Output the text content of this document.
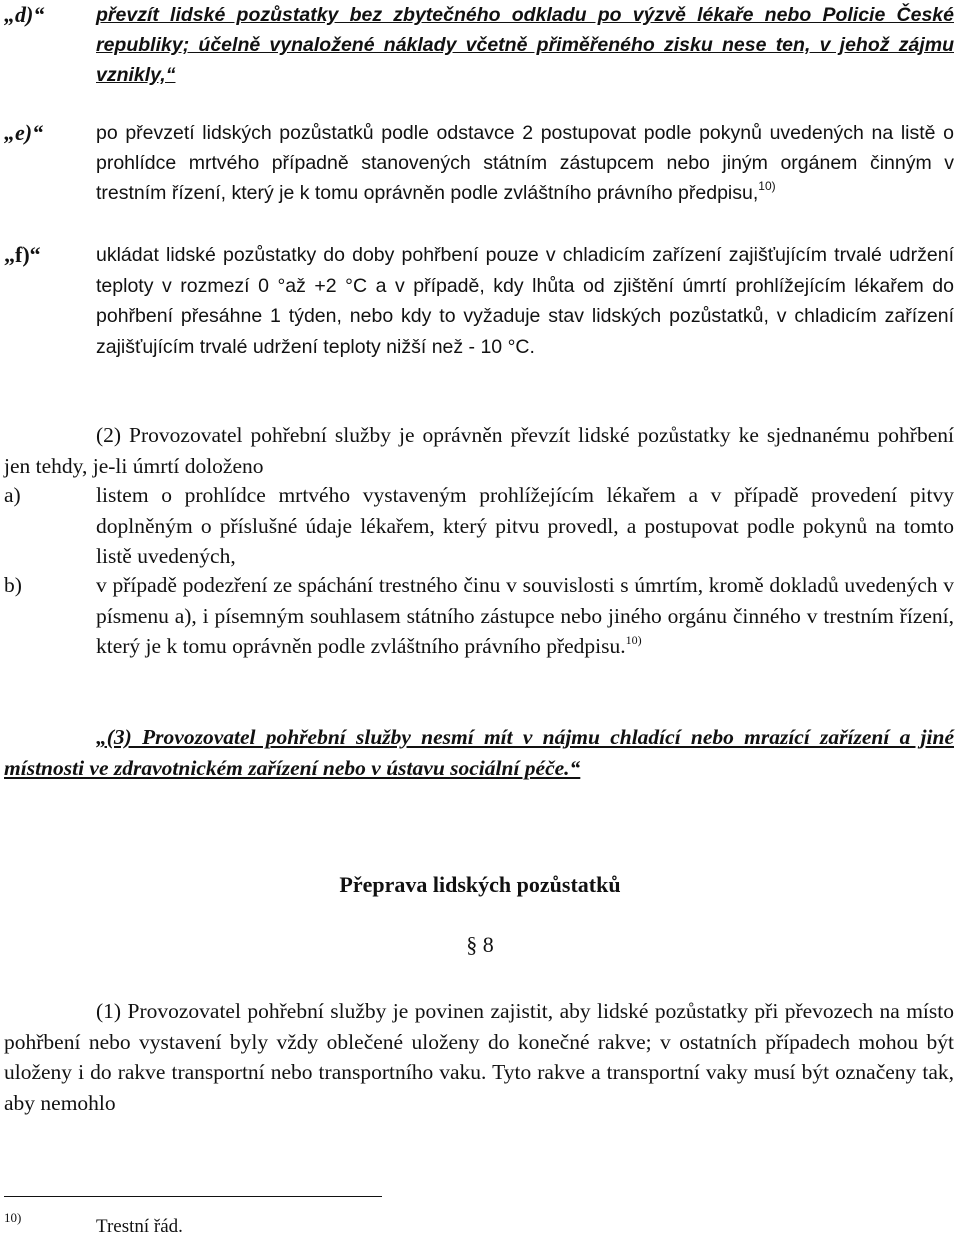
„d)“	převzít lidské pozůstatky bez zbytečného odkladu po výzvě lékaře nebo Policie České republiky; účelně vynaložené náklady včetně přiměřeného zisku nese ten, v jehož zájmu vznikly,“
„e)“	po převzetí lidských pozůstatků podle odstavce 2 postupovat podle pokynů uvedených na listě o prohlídce mrtvého případně stanovených státním zástupcem nebo jiným orgánem činným v trestním řízení, který je k tomu oprávněn podle zvláštního právního předpisu,$^{10)}$
„f)“	ukládat lidské pozůstatky do doby pohřbení pouze v chladicím zařízení zajišťujícím trvalé udržení teploty v rozmezí 0 °až +2 °C a v případě, kdy lhůta od zjištění úmrtí prohlížejícím lékařem do pohřbení přesáhne 1 týden, nebo kdy to vyžaduje stav lidských pozůstatků, v chladicím zařízení zajišťujícím trvalé udržení teploty nižší než - 10 °C.
(2) Provozovatel pohřební služby je oprávněn převzít lidské pozůstatky ke sjednanému pohřbení jen tehdy, je-li úmrtí doloženo
a)	listem o prohlídce mrtvého vystaveným prohlížejícím lékařem a v případě provedení pitvy doplněným o příslušné údaje lékařem, který pitvu provedl, a postupovat podle pokynů na tomto listě uvedených,
b)	v případě podezření ze spáchání trestného činu v souvislosti s úmrtím, kromě dokladů uvedených v písmenu a), i písemným souhlasem státního zástupce nebo jiného orgánu činného v trestním řízení, který je k tomu oprávněn podle zvláštního právního předpisu.$^{10)}$
„(3) Provozovatel pohřební služby nesmí mít v nájmu chladící nebo mrazící zařízení a jiné místnosti ve zdravotnickém zařízení nebo v ústavu sociální péče.“
Přeprava lidských pozůstatků
§ 8
(1) Provozovatel pohřební služby je povinen zajistit, aby lidské pozůstatky při převozech na místo pohřbení nebo vystavení byly vždy oblečené uloženy do konečné rakve; v ostatních případech mohou být uloženy i do rakve transportní nebo transportního vaku. Tyto rakve a transportní vaky musí být označeny tak, aby nemohlo
10)	Trestní řád.
